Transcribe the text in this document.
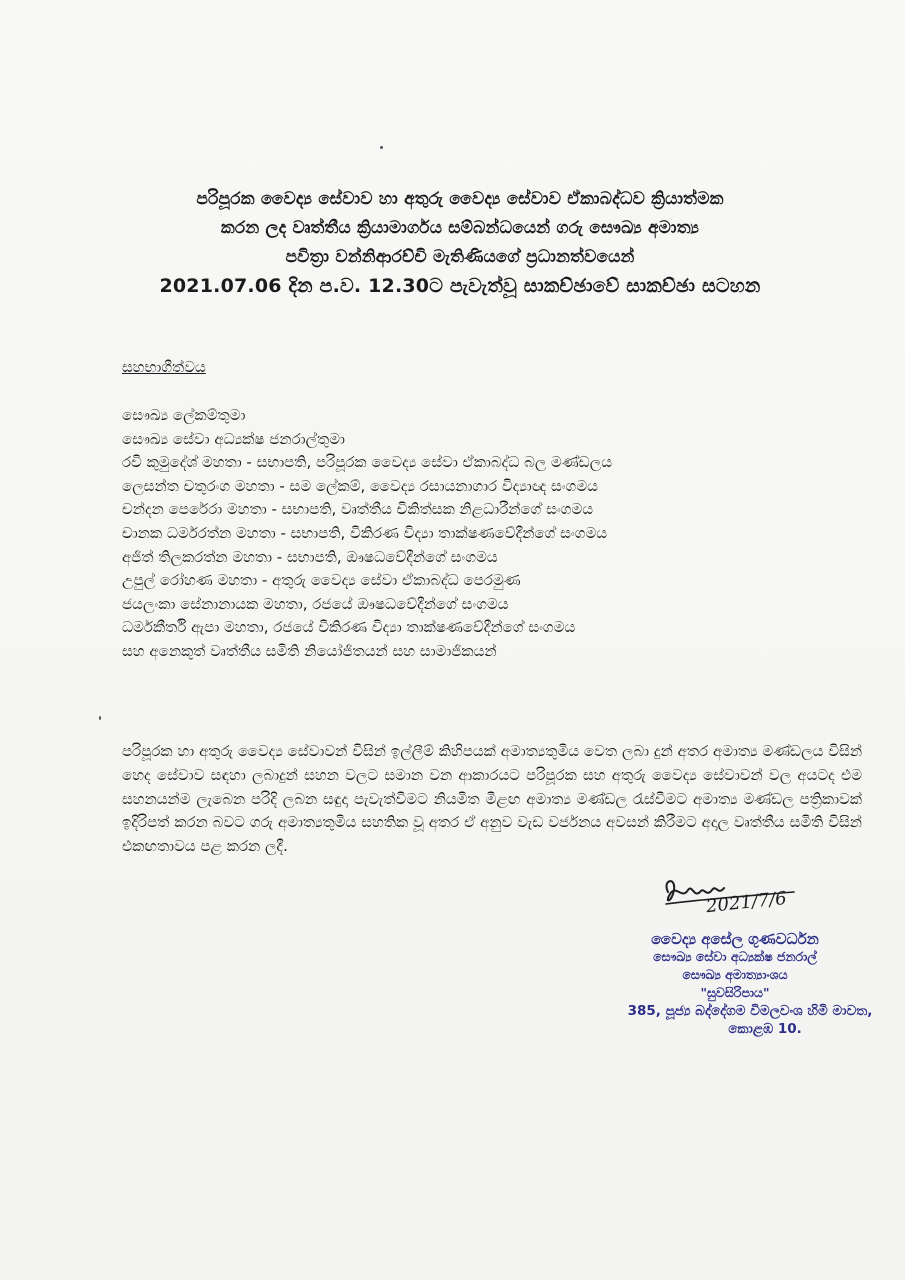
පරිපූරක වෛද්‍ය සේවාව හා අතුරු වෛද්‍ය සේවාව ඒකාබද්ධව ක්‍රියාත්මක
කරන ලද වෘත්තීය ක්‍රියාමාර්ගය සම්බන්ධයෙන් ගරු සෞඛ්‍ය අමාත්‍ය
පවිත්‍රා වන්නිආරච්චි මැතිණියගේ ප්‍රධානත්වයෙන්
2021.07.06 දින ප.ව. 12.30ට පැවැත්වූ සාකච්ඡාවේ සාකච්ඡා සටහන
සහභාගීත්වය
සෞඛ්‍ය ලේකම්තුමා
සෞඛ්‍ය සේවා අධ්‍යක්ෂ ජනරාල්තුමා
රවි කුමුදේශ් මහතා - සභාපති, පරිපූරක වෛද්‍ය සේවා ඒකාබද්ධ බල මණ්ඩලය
ලෙසන්ත චතුරංග මහතා - සම ලේකම්, වෛද්‍ය රසායනාගාර විද්‍යාඥ සංගමය
චන්දන පෙරේරා මහතා - සභාපති, වෘත්තීය චිකිත්සක නිළධාරීන්ගේ සංගමය
චානක ධර්මරත්න මහතා - සභාපති, විකිරණ විද්‍යා තාක්ෂණවේදීන්ගේ සංගමය
අජිත් තිලකරත්න මහතා - සභාපති, ඖෂධවේදීන්ගේ සංගමය
උපුල් රෝහණ මහතා - අතුරු වෛද්‍ය සේවා ඒකාබද්ධ පෙරමුණ
ජයලංකා සේනානායක මහතා, රජයේ ඖෂධවේදීන්ගේ සංගමය
ධර්මකීර්ති ඇපා මහතා, රජයේ විකිරණ විද්‍යා තාක්ෂණවේදීන්ගේ සංගමය
සහ අනෙකුත් වෘත්තීය සමිති නියෝජිතයන් සහ සාමාජිකයන්
පරිපූරක හා අතුරු වෛද්‍ය සේවාවන් විසින් ඉල්ලීම් කිහිපයක් අමාත්‍යතුමිය වෙත ලබා දුන් අතර අමාත්‍ය මණ්ඩලය විසින් හෙද සේවාව සඳහා ලබාදුන් සහන වලට සමාන වන ආකාරයට පරිපූරක සහ අතුරු වෛද්‍ය සේවාවන් වල අයටද එම සහනයන්ම ලැබෙන පරිදි ලබන සඳුදා පැවැත්වීමට නියමිත මීළඟ අමාත්‍ය මණ්ඩල රැස්වීමට අමාත්‍ය මණ්ඩල පත්‍රිකාවක් ඉදිරිපත් කරන බවට ගරු අමාත්‍යතුමිය සහතික වූ අතර ඒ අනුව වැඩ වර්ජනය අවසන් කිරීමට අදාල වෘත්තීය සමිති විසින් එකඟතාවය පළ කරන ලදී.
2021/7/6
වෛද්‍ය අසේල ගුණවර්ධන
සෞඛ්‍ය සේවා අධ්‍යක්ෂ ජනරාල්
සෞඛ්‍ය අමාත්‍යාංශය
"සුවසිරිපාය"
385, පූජ්‍ය බද්දේගම විමලවංශ හිමි මාවත,
කොළඹ 10.
